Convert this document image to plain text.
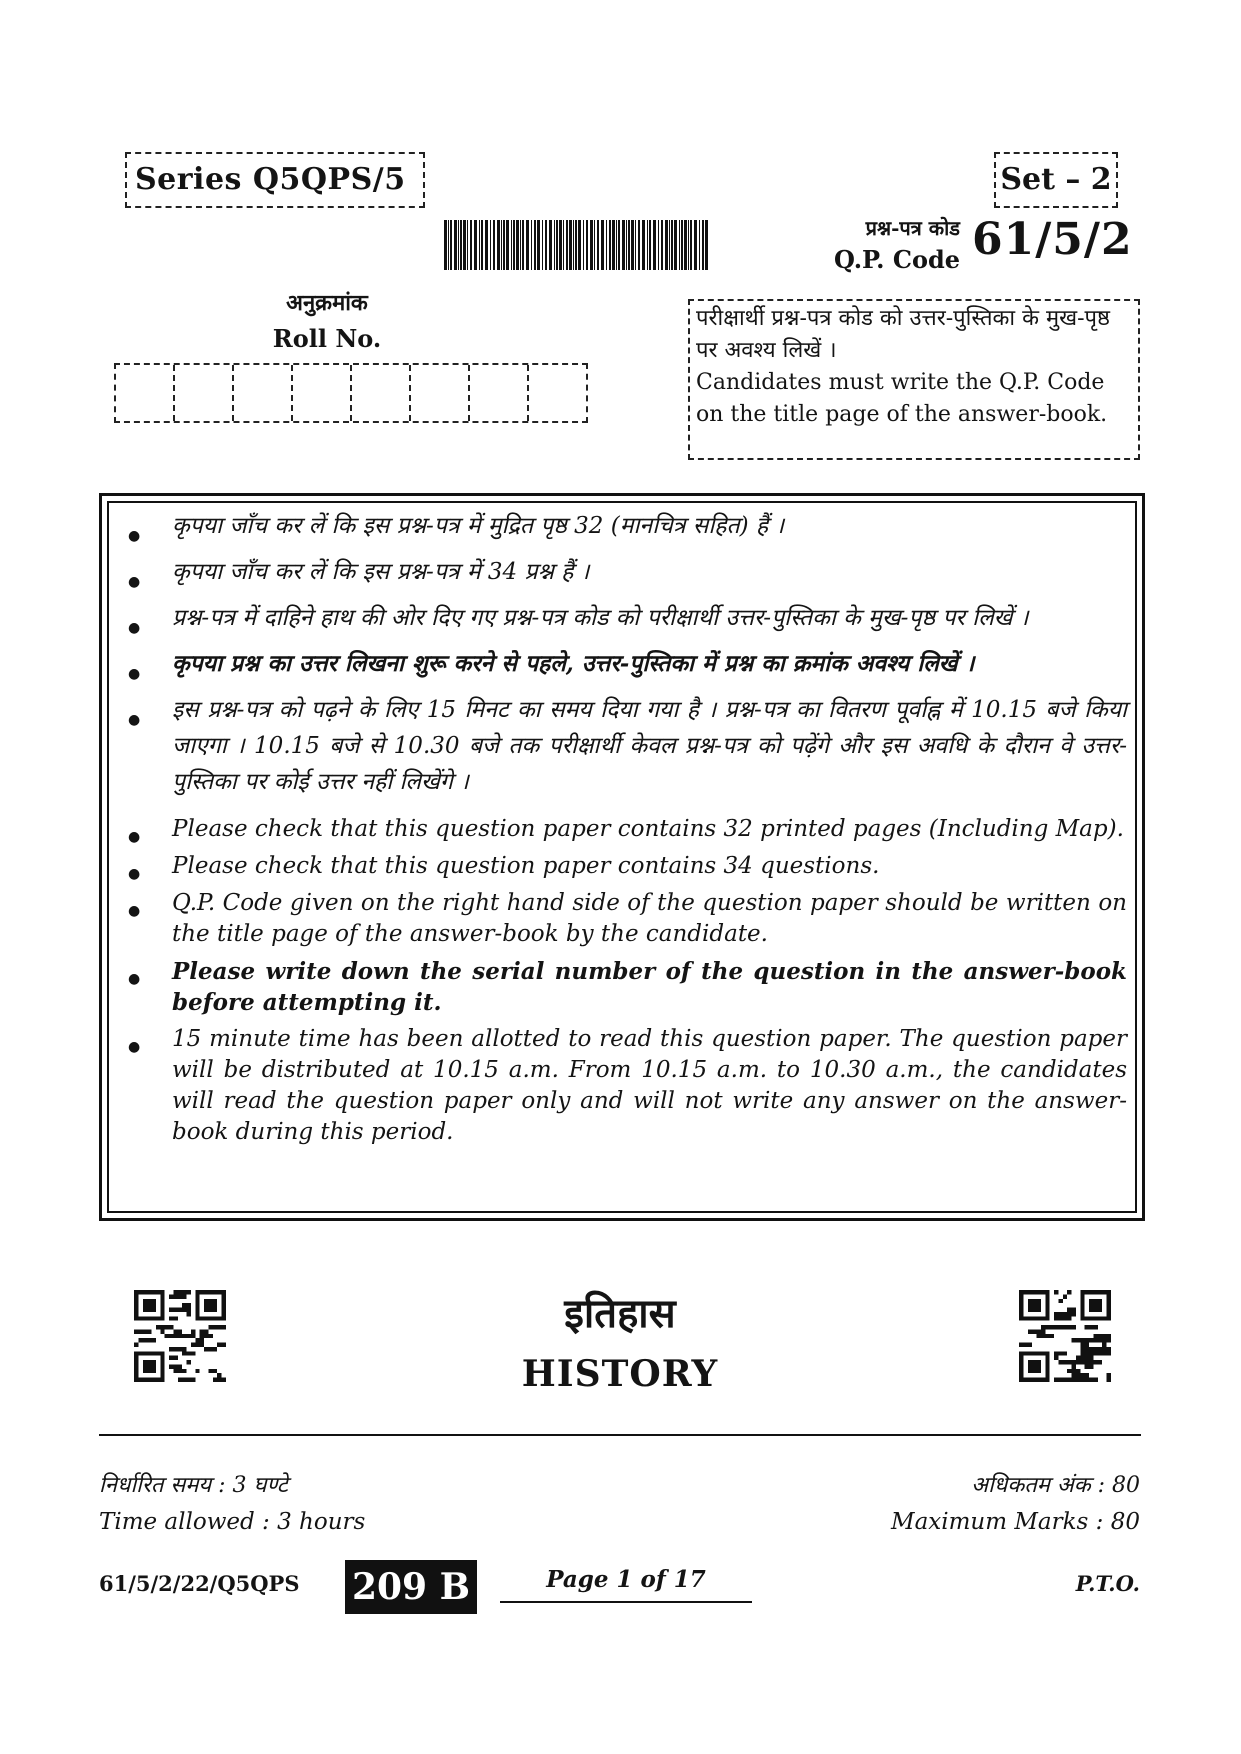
Series Q5QPS/5	Set – 2
प्रश्न-पत्र कोड
Q.P. Code 61/5/2
अनुक्रमांक
Roll No.

परीक्षार्थी प्रश्न-पत्र कोड को उत्तर-पुस्तिका के मुख-पृष्ठ पर अवश्य लिखें ।

Candidates must write the Q.P. Code on the title page of the answer-book.

● कृपया जाँच कर लें कि इस प्रश्न-पत्र में मुद्रित पृष्ठ 32 (मानचित्र सहित) हैं ।
● कृपया जाँच कर लें कि इस प्रश्न-पत्र में 34 प्रश्न हैं ।
● प्रश्न-पत्र में दाहिने हाथ की ओर दिए गए प्रश्न-पत्र कोड को परीक्षार्थी उत्तर-पुस्तिका के मुख-पृष्ठ पर लिखें ।
● कृपया प्रश्न का उत्तर लिखना शुरू करने से पहले, उत्तर-पुस्तिका में प्रश्न का क्रमांक अवश्य लिखें ।
● इस प्रश्न-पत्र को पढ़ने के लिए 15 मिनट का समय दिया गया है । प्रश्न-पत्र का वितरण पूर्वाह्न में 10.15 बजे किया जाएगा । 10.15 बजे से 10.30 बजे तक परीक्षार्थी केवल प्रश्न-पत्र को पढ़ेंगे और इस अवधि के दौरान वे उत्तर-पुस्तिका पर कोई उत्तर नहीं लिखेंगे ।
● Please check that this question paper contains 32 printed pages (Including Map).
● Please check that this question paper contains 34 questions.
● Q.P. Code given on the right hand side of the question paper should be written on the title page of the answer-book by the candidate.
● Please write down the serial number of the question in the answer-book before attempting it.
● 15 minute time has been allotted to read this question paper. The question paper will be distributed at 10.15 a.m. From 10.15 a.m. to 10.30 a.m., the candidates will read the question paper only and will not write any answer on the answer-book during this period.
इतिहास
HISTORY
निर्धारित समय : 3 घण्टे
Time allowed : 3 hours
अधिकतम अंक : 80
Maximum Marks : 80
61/5/2/22/Q5QPS 209 B	Page 1 of 17	P.T.O.
